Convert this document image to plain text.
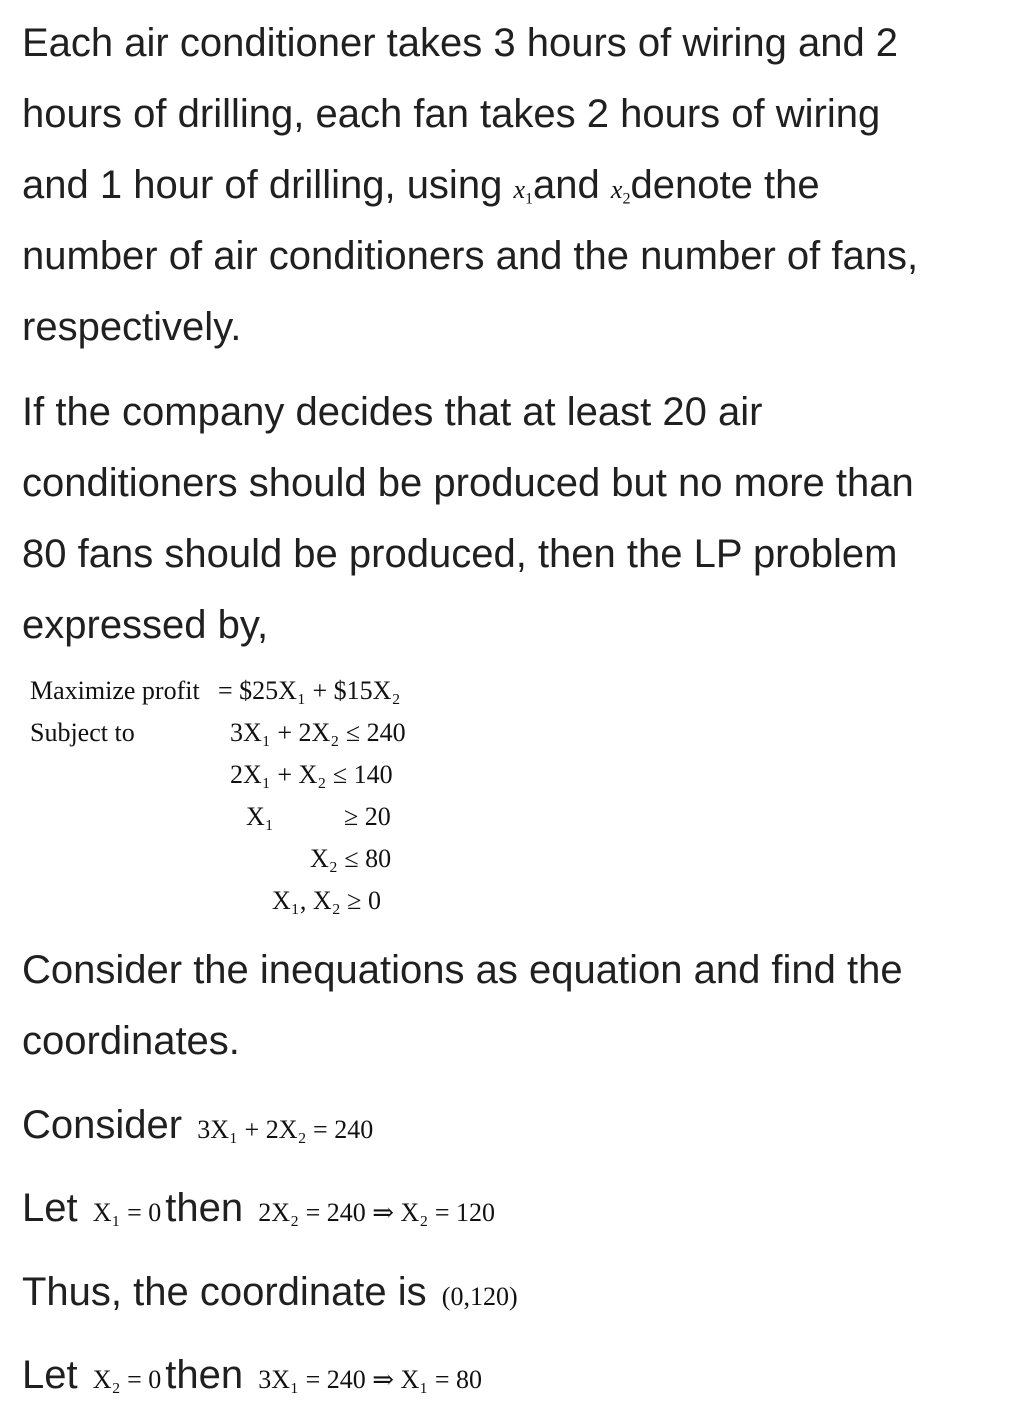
Each air conditioner takes 3 hours of wiring and 2
hours of drilling, each fan takes 2 hours of wiring
and 1 hour of drilling, using $x_1and$ $x_2denote$ the
number of air conditioners and the number of fans,
respectively.
If the company decides that at least 20 air
conditioners should be produced but no more than
80 fans should be produced, then the LP problem
expressed by,
Maximize profit = $25X₁ + $15X₂
Subject to	3X₁ + 2X₂ ≤ 240
2X₁ + X₂ ≤ 140
X₁	≥ 20
X₂ ≤ 80
X₁, X₂ ≥ 0
Consider the inequations as equation and find the
coordinates.
Consider 3X₁ + 2X₂ = 240
Let X₁ = 0 then 2X₂ = 240 ⇒ X₂ = 120
Thus, the coordinate is (0,120)
Let X₂ = 0 then 3X₁ = 240 ⇒ X₁ = 80
